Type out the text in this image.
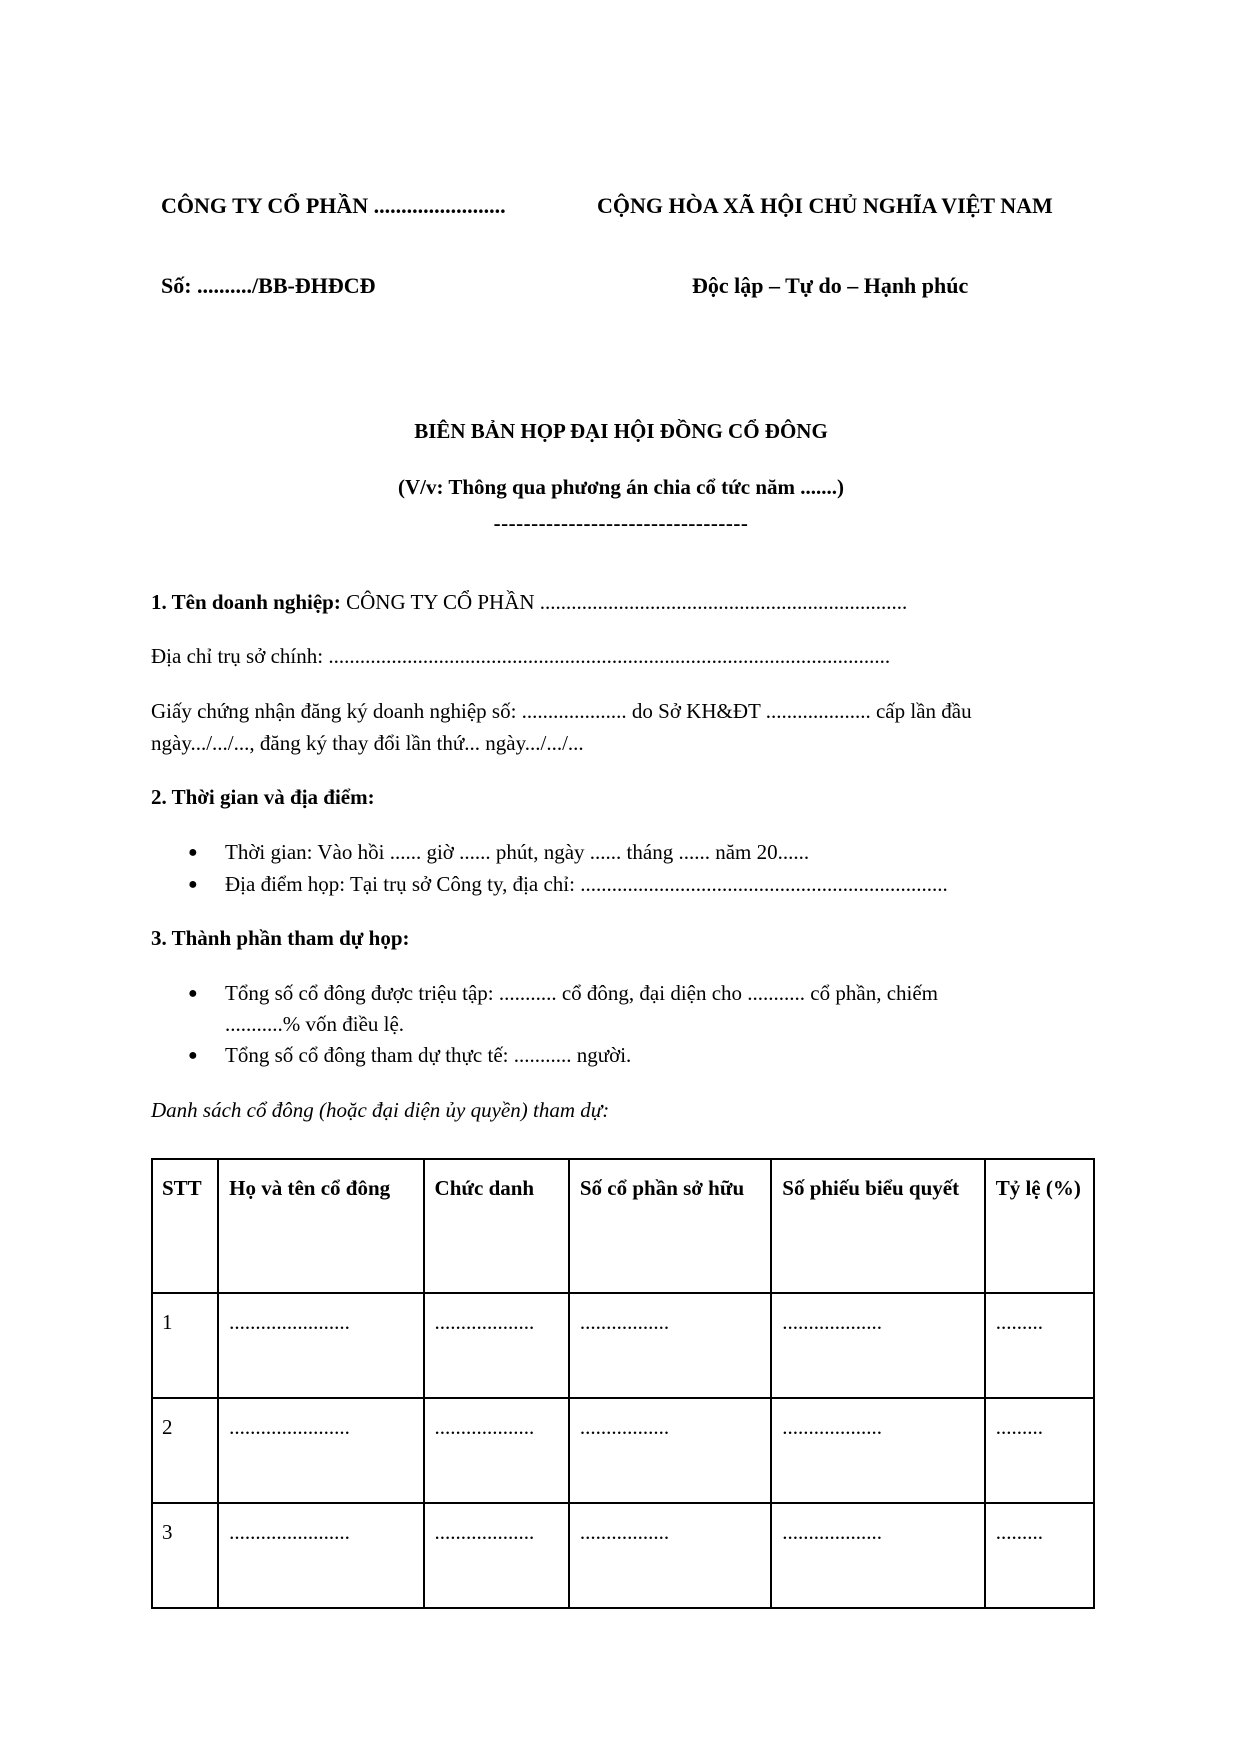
CÔNG TY CỔ PHẦN ........................	CỘNG HÒA XÃ HỘI CHỦ NGHĨA VIỆT NAM
Số: ........../BB-ĐHĐCĐ	Độc lập – Tự do – Hạnh phúc
BIÊN BẢN HỌP ĐẠI HỘI ĐỒNG CỔ ĐÔNG
(V/v: Thông qua phương án chia cổ tức năm .......)
----------------------------------
1. Tên doanh nghiệp: CÔNG TY CỔ PHẦN ......................................................................
Địa chỉ trụ sở chính: ...........................................................................................................
Giấy chứng nhận đăng ký doanh nghiệp số: .................... do Sở KH&ĐT .................... cấp lần đầu
ngày.../.../..., đăng ký thay đổi lần thứ... ngày.../.../...
2. Thời gian và địa điểm:
● Thời gian: Vào hồi ...... giờ ...... phút, ngày ...... tháng ...... năm 20......
● Địa điểm họp: Tại trụ sở Công ty, địa chỉ: ......................................................................
3. Thành phần tham dự họp:
● Tổng số cổ đông được triệu tập: ........... cổ đông, đại diện cho ........... cổ phần, chiếm
...........% vốn điều lệ.
● Tổng số cổ đông tham dự thực tế: ........... người.
Danh sách cổ đông (hoặc đại diện ủy quyền) tham dự:
STT	Họ và tên cổ đông	Chức danh	Số cổ phần sở hữu	Số phiếu biểu quyết	Tỷ lệ (%)
1	.......................	...................	.................	...................	.........
2	.......................	...................	.................	...................	.........
3	.......................	...................	.................	...................	.........
